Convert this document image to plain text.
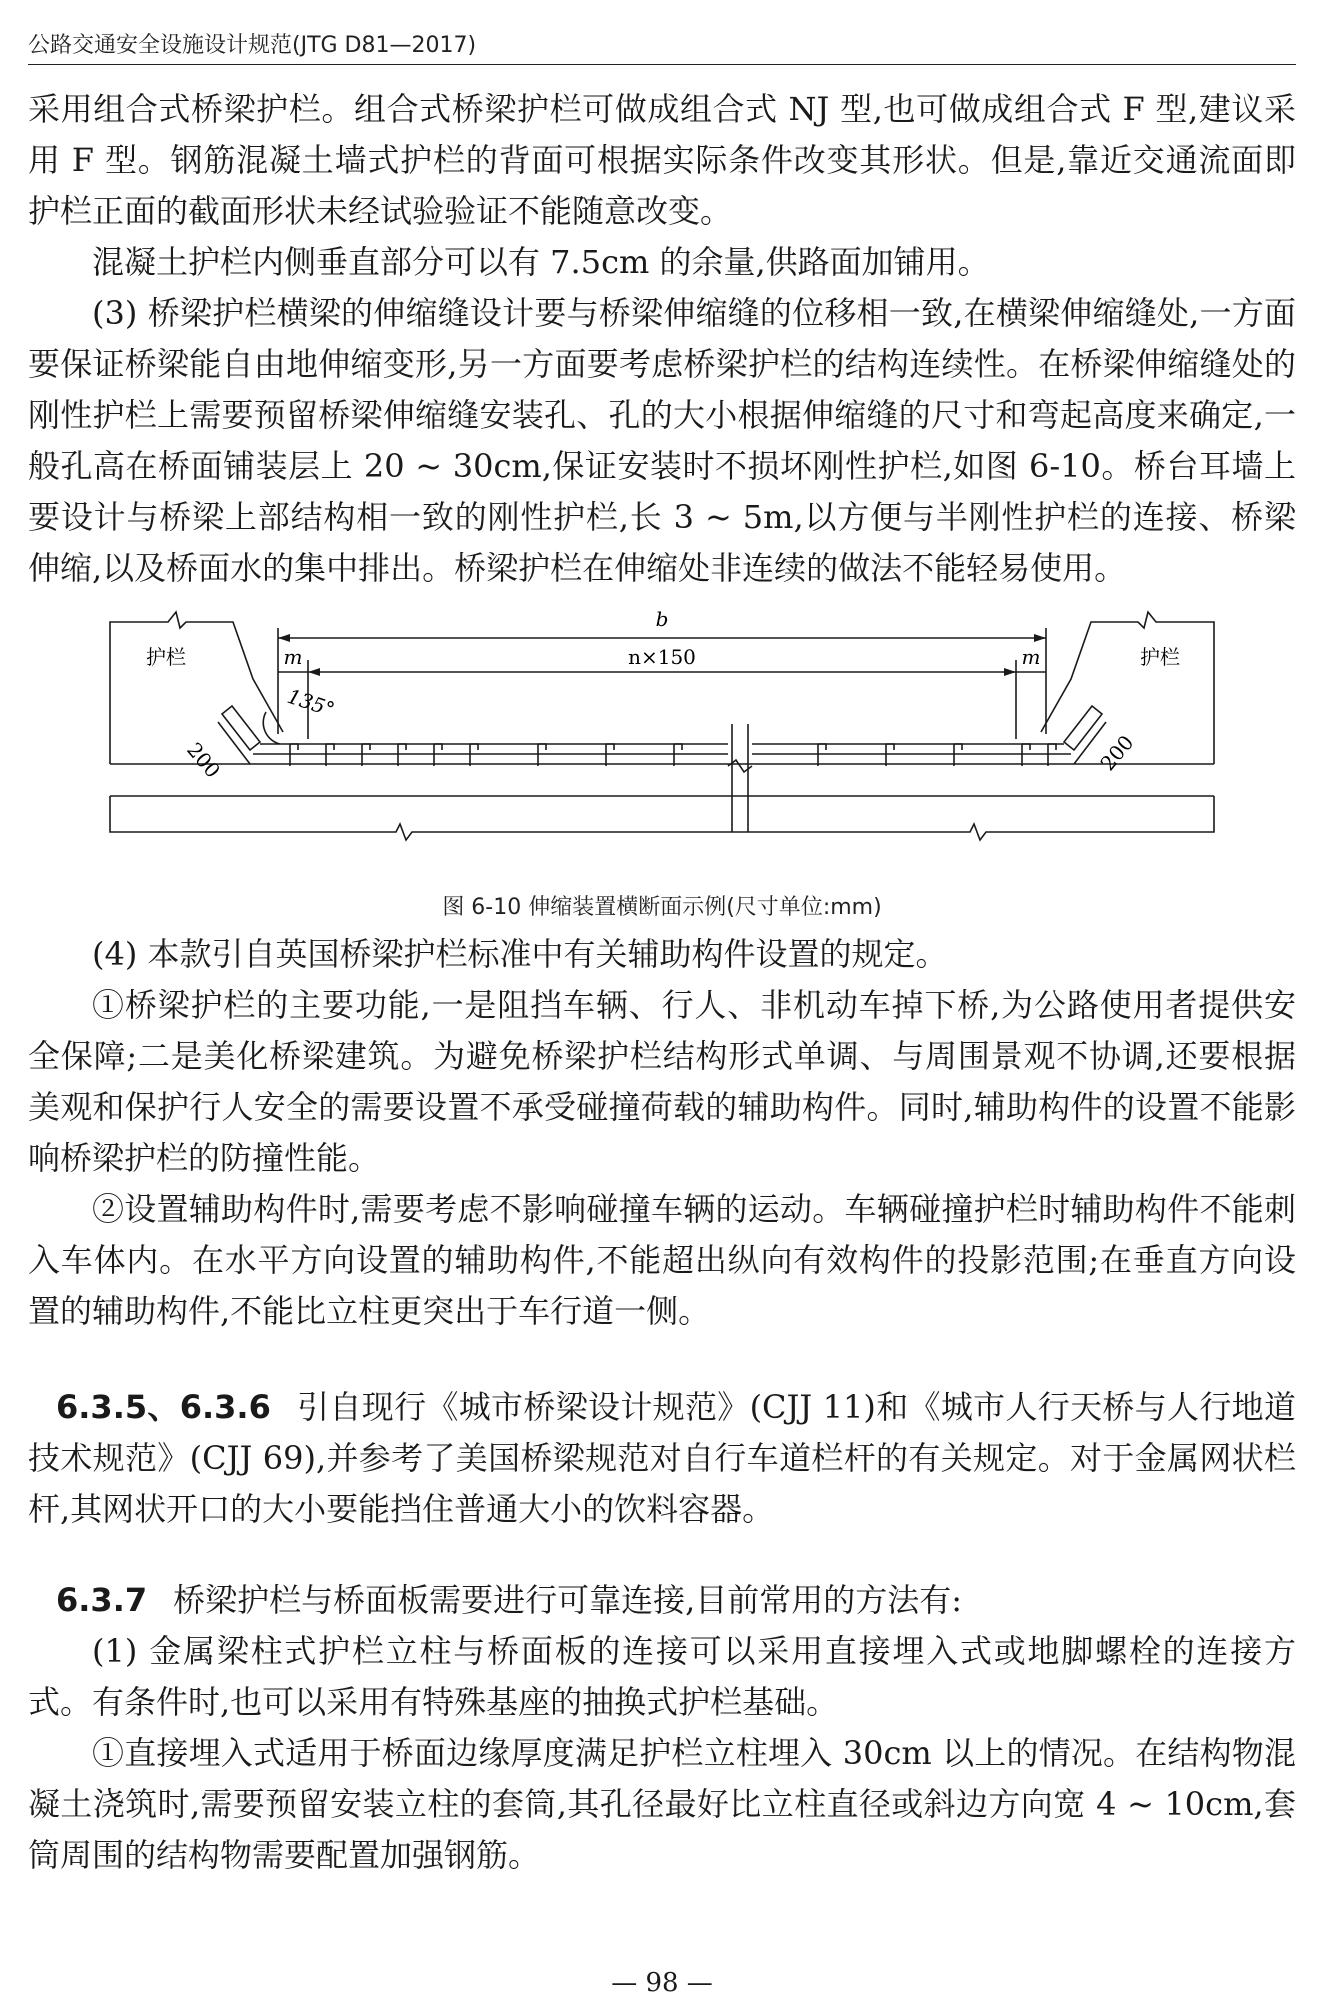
公路交通安全设施设计规范(JTG D81—2017)

采用组合式桥梁护栏。组合式桥梁护栏可做成组合式 NJ 型,也可做成组合式 F 型,建议采用 F 型。钢筋混凝土墙式护栏的背面可根据实际条件改变其形状。但是,靠近交通流面即护栏正面的截面形状未经试验验证不能随意改变。

混凝土护栏内侧垂直部分可以有 7.5cm 的余量,供路面加铺用。

(3) 桥梁护栏横梁的伸缩缝设计要与桥梁伸缩缝的位移相一致,在横梁伸缩缝处,一方面要保证桥梁能自由地伸缩变形,另一方面要考虑桥梁护栏的结构连续性。在桥梁伸缩缝处的刚性护栏上需要预留桥梁伸缩缝安装孔、孔的大小根据伸缩缝的尺寸和弯起高度来确定,一般孔高在桥面铺装层上 20 ~ 30cm,保证安装时不损坏刚性护栏,如图 6-10。桥台耳墙上要设计与桥梁上部结构相一致的刚性护栏,长 3 ~ 5m,以方便与半刚性护栏的连接、桥梁伸缩,以及桥面水的集中排出。桥梁护栏在伸缩处非连续的做法不能轻易使用。

b
n×150
m	m
护栏	护栏
135°
200	200
图 6-10 伸缩装置横断面示例(尺寸单位:mm)

(4) 本款引自英国桥梁护栏标准中有关辅助构件设置的规定。

①桥梁护栏的主要功能,一是阻挡车辆、行人、非机动车掉下桥,为公路使用者提供安全保障;二是美化桥梁建筑。为避免桥梁护栏结构形式单调、与周围景观不协调,还要根据美观和保护行人安全的需要设置不承受碰撞荷载的辅助构件。同时,辅助构件的设置不能影响桥梁护栏的防撞性能。

②设置辅助构件时,需要考虑不影响碰撞车辆的运动。车辆碰撞护栏时辅助构件不能刺入车体内。在水平方向设置的辅助构件,不能超出纵向有效构件的投影范围;在垂直方向设置的辅助构件,不能比立柱更突出于车行道一侧。

6.3.5、6.3.6 引自现行《城市桥梁设计规范》(CJJ 11)和《城市人行天桥与人行地道技术规范》(CJJ 69),并参考了美国桥梁规范对自行车道栏杆的有关规定。对于金属网状栏杆,其网状开口的大小要能挡住普通大小的饮料容器。

6.3.7 桥梁护栏与桥面板需要进行可靠连接,目前常用的方法有:

(1) 金属梁柱式护栏立柱与桥面板的连接可以采用直接埋入式或地脚螺栓的连接方式。有条件时,也可以采用有特殊基座的抽换式护栏基础。

①直接埋入式适用于桥面边缘厚度满足护栏立柱埋入 30cm 以上的情况。在结构物混凝土浇筑时,需要预留安装立柱的套筒,其孔径最好比立柱直径或斜边方向宽 4 ~ 10cm,套筒周围的结构物需要配置加强钢筋。

— 98 —
